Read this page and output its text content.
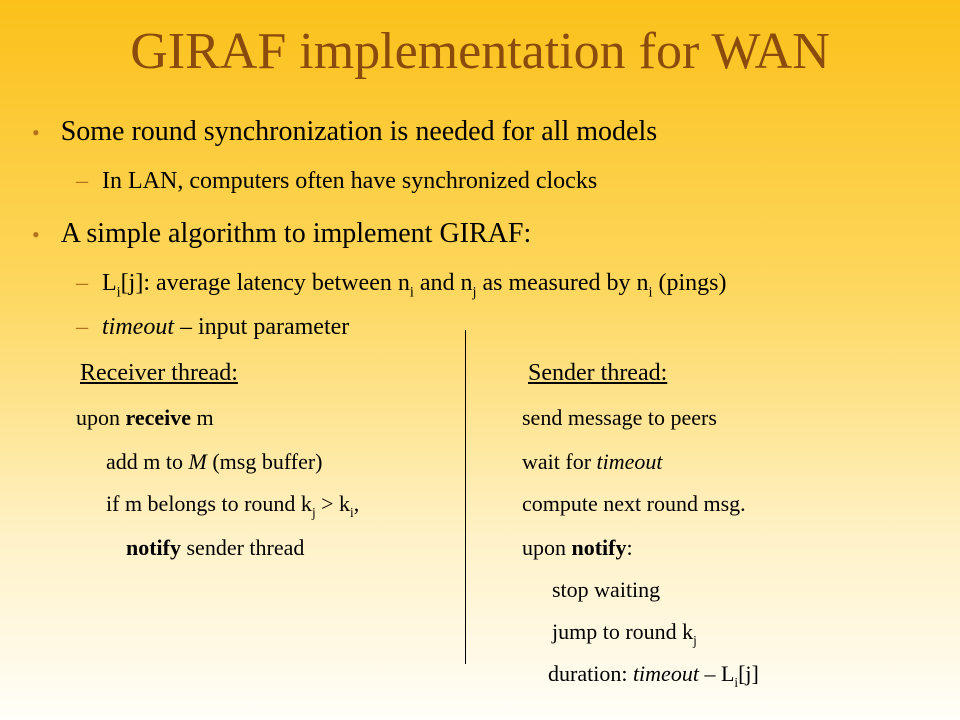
GIRAF implementation for WAN
• Some round synchronization is needed for all models
– In LAN, computers often have synchronized clocks
• A simple algorithm to implement GIRAF:
– $L_i[j]$: average latency between $n_i$ and $n_j$ as measured by $n_i$ (pings)
– timeout – input parameter
Receiver thread:
upon receive m
add m to M (msg buffer)
if m belongs to round $k_j > k_i$,
notify sender thread
Sender thread:
send message to peers
wait for timeout
compute next round msg.
upon notify:
stop waiting
jump to round $k_j$
duration: timeout – $L_i[j]$
